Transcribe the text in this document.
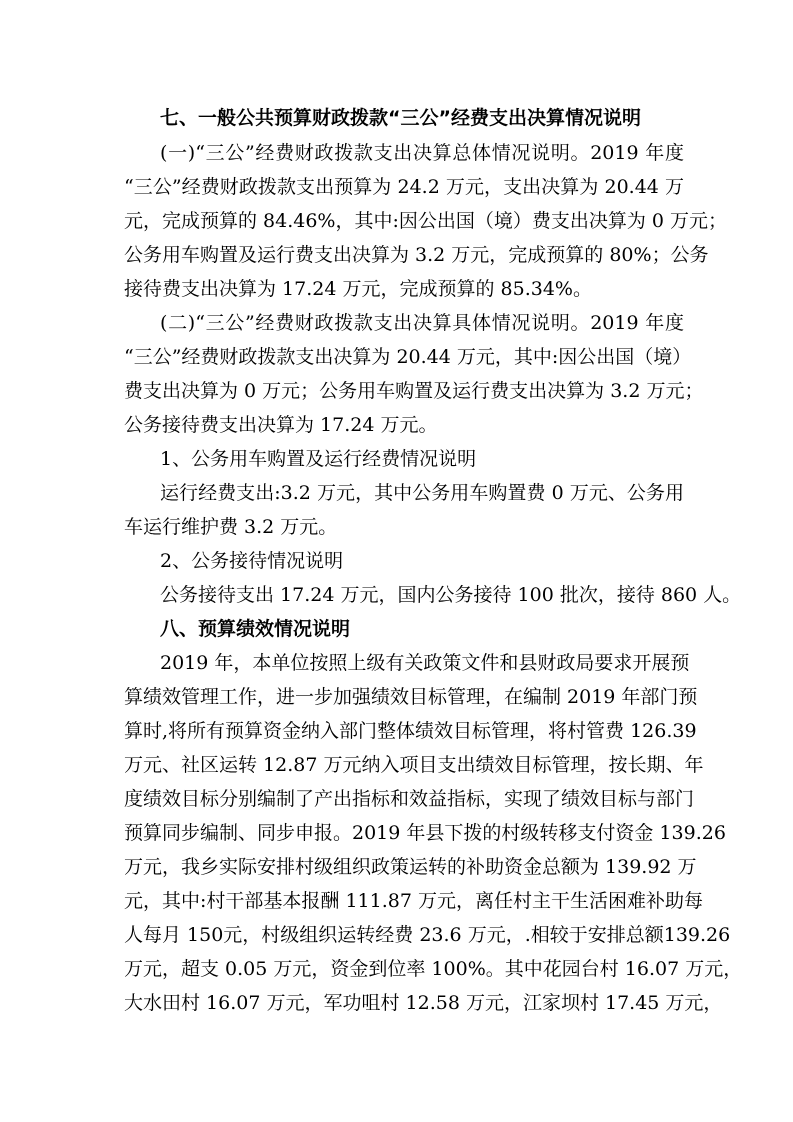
七、一般公共预算财政拨款“三公”经费支出决算情况说明
(一)“三公”经费财政拨款支出决算总体情况说明。2019 年度
“三公”经费财政拨款支出预算为 24.2 万元，支出决算为 20.44 万
元，完成预算的 84.46%，其中:因公出国（境）费支出决算为 0 万元；
公务用车购置及运行费支出决算为 3.2 万元，完成预算的 80%；公务
接待费支出决算为 17.24 万元，完成预算的 85.34%。
(二)“三公”经费财政拨款支出决算具体情况说明。2019 年度
“三公”经费财政拨款支出决算为 20.44 万元，其中:因公出国（境）
费支出决算为 0 万元；公务用车购置及运行费支出决算为 3.2 万元；
公务接待费支出决算为 17.24 万元。
1、公务用车购置及运行经费情况说明
运行经费支出:3.2 万元，其中公务用车购置费 0 万元、公务用
车运行维护费 3.2 万元。
2、公务接待情况说明
公务接待支出 17.24 万元，国内公务接待 100 批次，接待 860 人。
八、预算绩效情况说明
2019 年，本单位按照上级有关政策文件和县财政局要求开展预
算绩效管理工作，进一步加强绩效目标管理，在编制 2019 年部门预
算时,将所有预算资金纳入部门整体绩效目标管理，将村管费 126.39
万元、社区运转 12.87 万元纳入项目支出绩效目标管理，按长期、年
度绩效目标分别编制了产出指标和效益指标，实现了绩效目标与部门
预算同步编制、同步申报。2019 年县下拨的村级转移支付资金 139.26
万元，我乡实际安排村级组织政策运转的补助资金总额为 139.92 万
元，其中:村干部基本报酬 111.87 万元，离任村主干生活困难补助每
人每月 150元，村级组织运转经费 23.6 万元，.相较于安排总额139.26
万元，超支 0.05 万元，资金到位率 100%。其中花园台村 16.07 万元，
大水田村 16.07 万元，军功咀村 12.58 万元，江家坝村 17.45 万元，
